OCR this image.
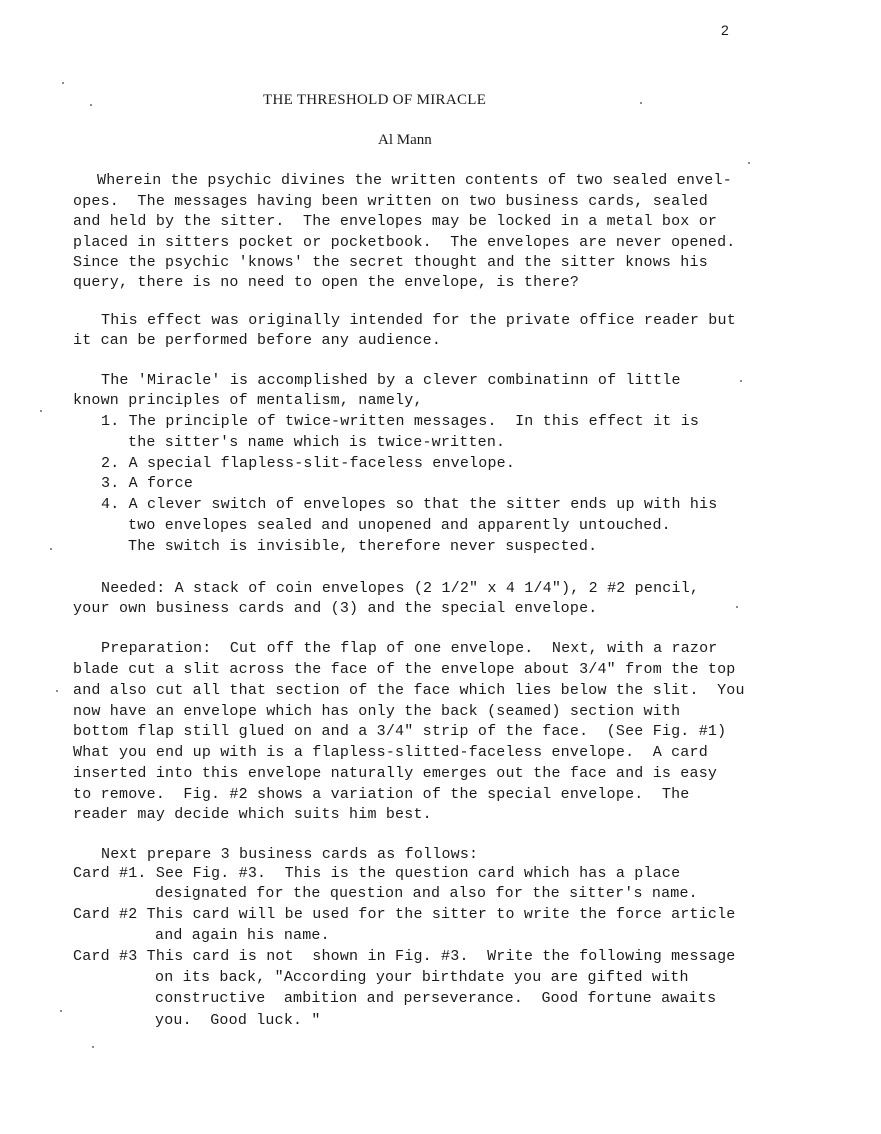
2
THE THRESHOLD OF MIRACLE
Al Mann
Wherein the psychic divines the written contents of two sealed envel-
opes.  The messages having been written on two business cards, sealed
and held by the sitter.  The envelopes may be locked in a metal box or
placed in sitters pocket or pocketbook.  The envelopes are never opened.
Since the psychic 'knows' the secret thought and the sitter knows his
query, there is no need to open the envelope, is there?
This effect was originally intended for the private office reader but
it can be performed before any audience.
The 'Miracle' is accomplished by a clever combinatinn of little
known principles of mentalism, namely,
1. The principle of twice-written messages.  In this effect it is
the sitter's name which is twice-written.
2. A special flapless-slit-faceless envelope.
3. A force
4. A clever switch of envelopes so that the sitter ends up with his
two envelopes sealed and unopened and apparently untouched.
The switch is invisible, therefore never suspected.
Needed: A stack of coin envelopes (2 1/2" x 4 1/4"), 2 #2 pencil,
your own business cards and (3) and the special envelope.
Preparation:  Cut off the flap of one envelope.  Next, with a razor
blade cut a slit across the face of the envelope about 3/4" from the top
and also cut all that section of the face which lies below the slit.  You
now have an envelope which has only the back (seamed) section with
bottom flap still glued on and a 3/4" strip of the face.  (See Fig. #1)
What you end up with is a flapless-slitted-faceless envelope.  A card
inserted into this envelope naturally emerges out the face and is easy
to remove.  Fig. #2 shows a variation of the special envelope.  The
reader may decide which suits him best.
Next prepare 3 business cards as follows:
Card #1. See Fig. #3.  This is the question card which has a place
designated for the question and also for the sitter's name.
Card #2 This card will be used for the sitter to write the force article
and again his name.
Card #3 This card is not  shown in Fig. #3.  Write the following message
on its back, "According your birthdate you are gifted with
constructive  ambition and perseverance.  Good fortune awaits
you.  Good luck. "
